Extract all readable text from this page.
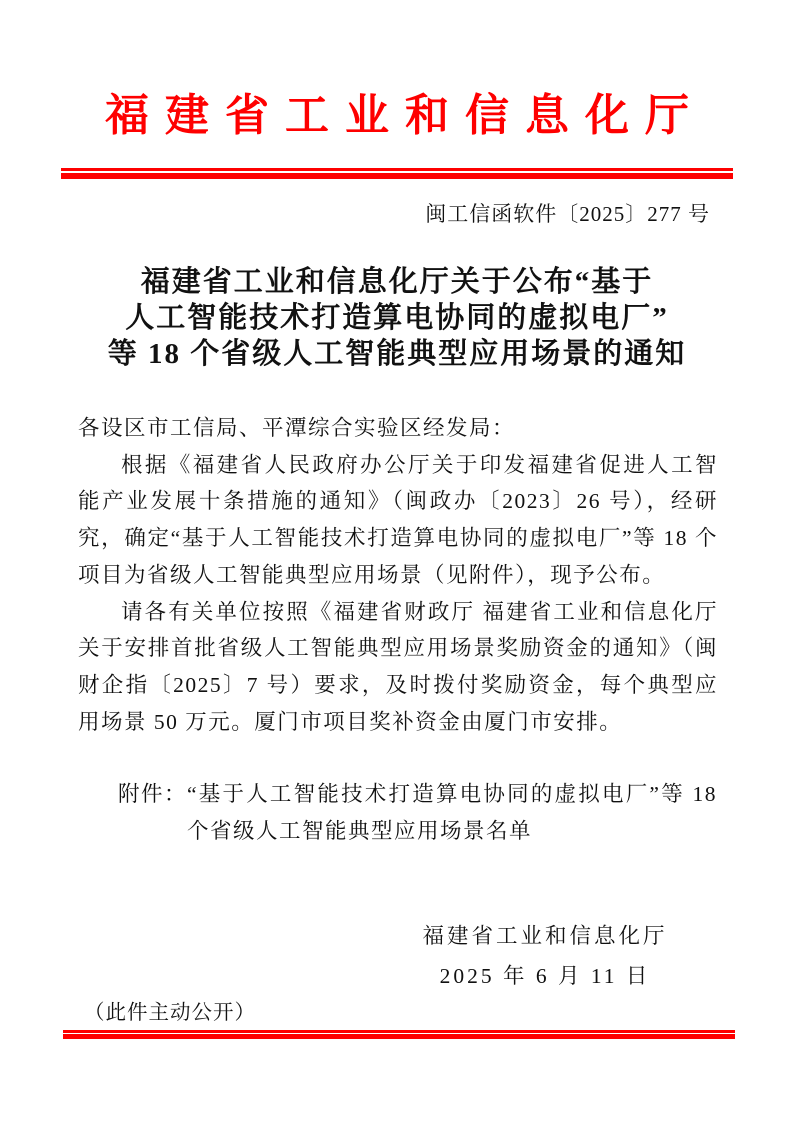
福建省工业和信息化厅
闽工信函软件〔2025〕277 号
福建省工业和信息化厅关于公布“基于
人工智能技术打造算电协同的虚拟电厂”
等 18 个省级人工智能典型应用场景的通知

各设区市工信局、平潭综合实验区经发局：

根据《福建省人民政府办公厅关于印发福建省促进人工智能产业发展十条措施的通知》（闽政办〔2023〕26 号），经研究，确定“基于人工智能技术打造算电协同的虚拟电厂”等 18 个项目为省级人工智能典型应用场景（见附件），现予公布。

请各有关单位按照《福建省财政厅 福建省工业和信息化厅关于安排首批省级人工智能典型应用场景奖励资金的通知》（闽财企指〔2025〕7 号）要求，及时拨付奖励资金，每个典型应用场景 50 万元。厦门市项目奖补资金由厦门市安排。

附件： “基于人工智能技术打造算电协同的虚拟电厂”等 18 个省级人工智能典型应用场景名单
福建省工业和信息化厅
2025 年 6 月 11 日
（此件主动公开）
